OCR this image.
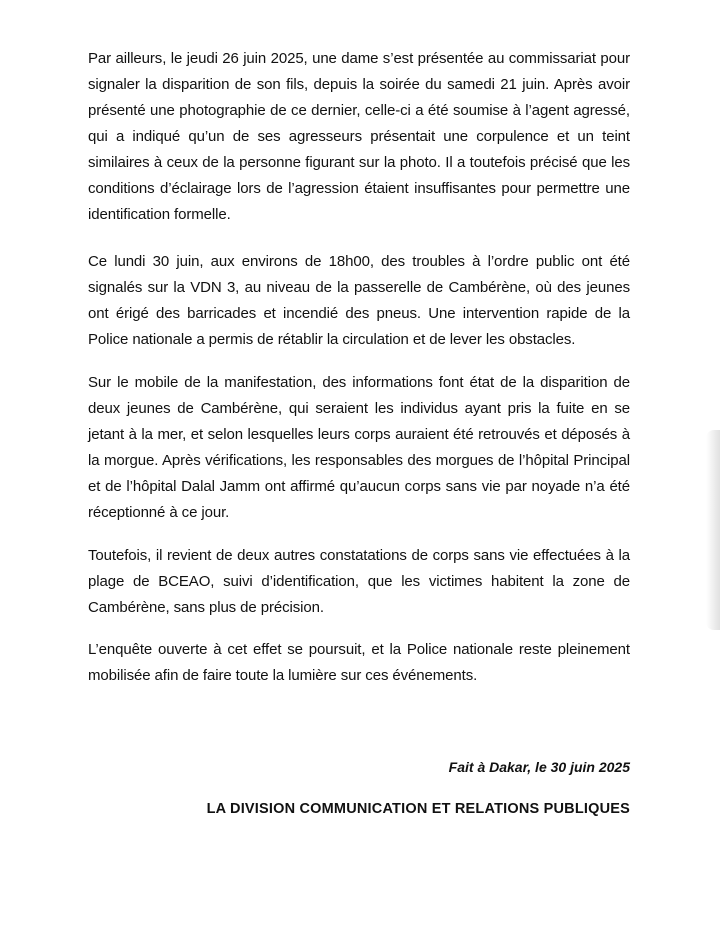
Par ailleurs, le jeudi 26 juin 2025, une dame s’est présentée au commissariat pour signaler la disparition de son fils, depuis la soirée du samedi 21 juin. Après avoir présenté une photographie de ce dernier, celle-ci a été soumise à l’agent agressé, qui a indiqué qu’un de ses agresseurs présentait une corpulence et un teint similaires à ceux de la personne figurant sur la photo. Il a toutefois précisé que les conditions d’éclairage lors de l’agression étaient insuffisantes pour permettre une identification formelle.

Ce lundi 30 juin, aux environs de 18h00, des troubles à l’ordre public ont été signalés sur la VDN 3, au niveau de la passerelle de Cambérène, où des jeunes ont érigé des barricades et incendié des pneus. Une intervention rapide de la Police nationale a permis de rétablir la circulation et de lever les obstacles.

Sur le mobile de la manifestation, des informations font état de la disparition de deux jeunes de Cambérène, qui seraient les individus ayant pris la fuite en se jetant à la mer, et selon lesquelles leurs corps auraient été retrouvés et déposés à la morgue. Après vérifications, les responsables des morgues de l’hôpital Principal et de l’hôpital Dalal Jamm ont affirmé qu’aucun corps sans vie par noyade n’a été réceptionné à ce jour.

Toutefois, il revient de deux autres constatations de corps sans vie effectuées à la plage de BCEAO, suivi d’identification, que les victimes habitent la zone de Cambérène, sans plus de précision.

L’enquête ouverte à cet effet se poursuit, et la Police nationale reste pleinement mobilisée afin de faire toute la lumière sur ces événements.

Fait à Dakar, le 30 juin 2025
LA DIVISION COMMUNICATION ET RELATIONS PUBLIQUES
